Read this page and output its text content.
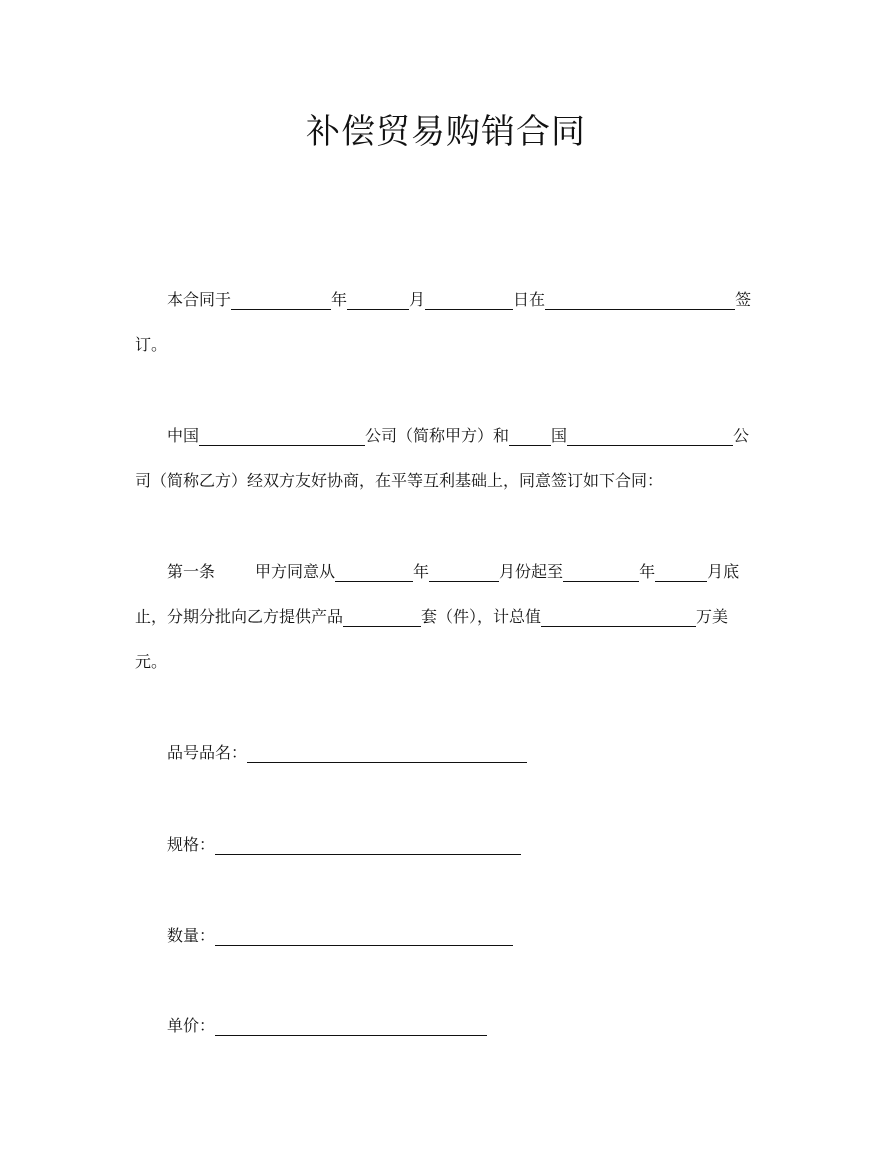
补偿贸易购销合同
本合同于	年	月	日在	签
订。
中国	公司（简称甲方）和	国	公
司（简称乙方）经双方友好协商，在平等互利基础上，同意签订如下合同：
第一条	甲方同意从	年	月份起至	年	月底
止，分期分批向乙方提供产品	套（件），计总值	万美
元。
品号品名：
规格：
数量：
单价：
